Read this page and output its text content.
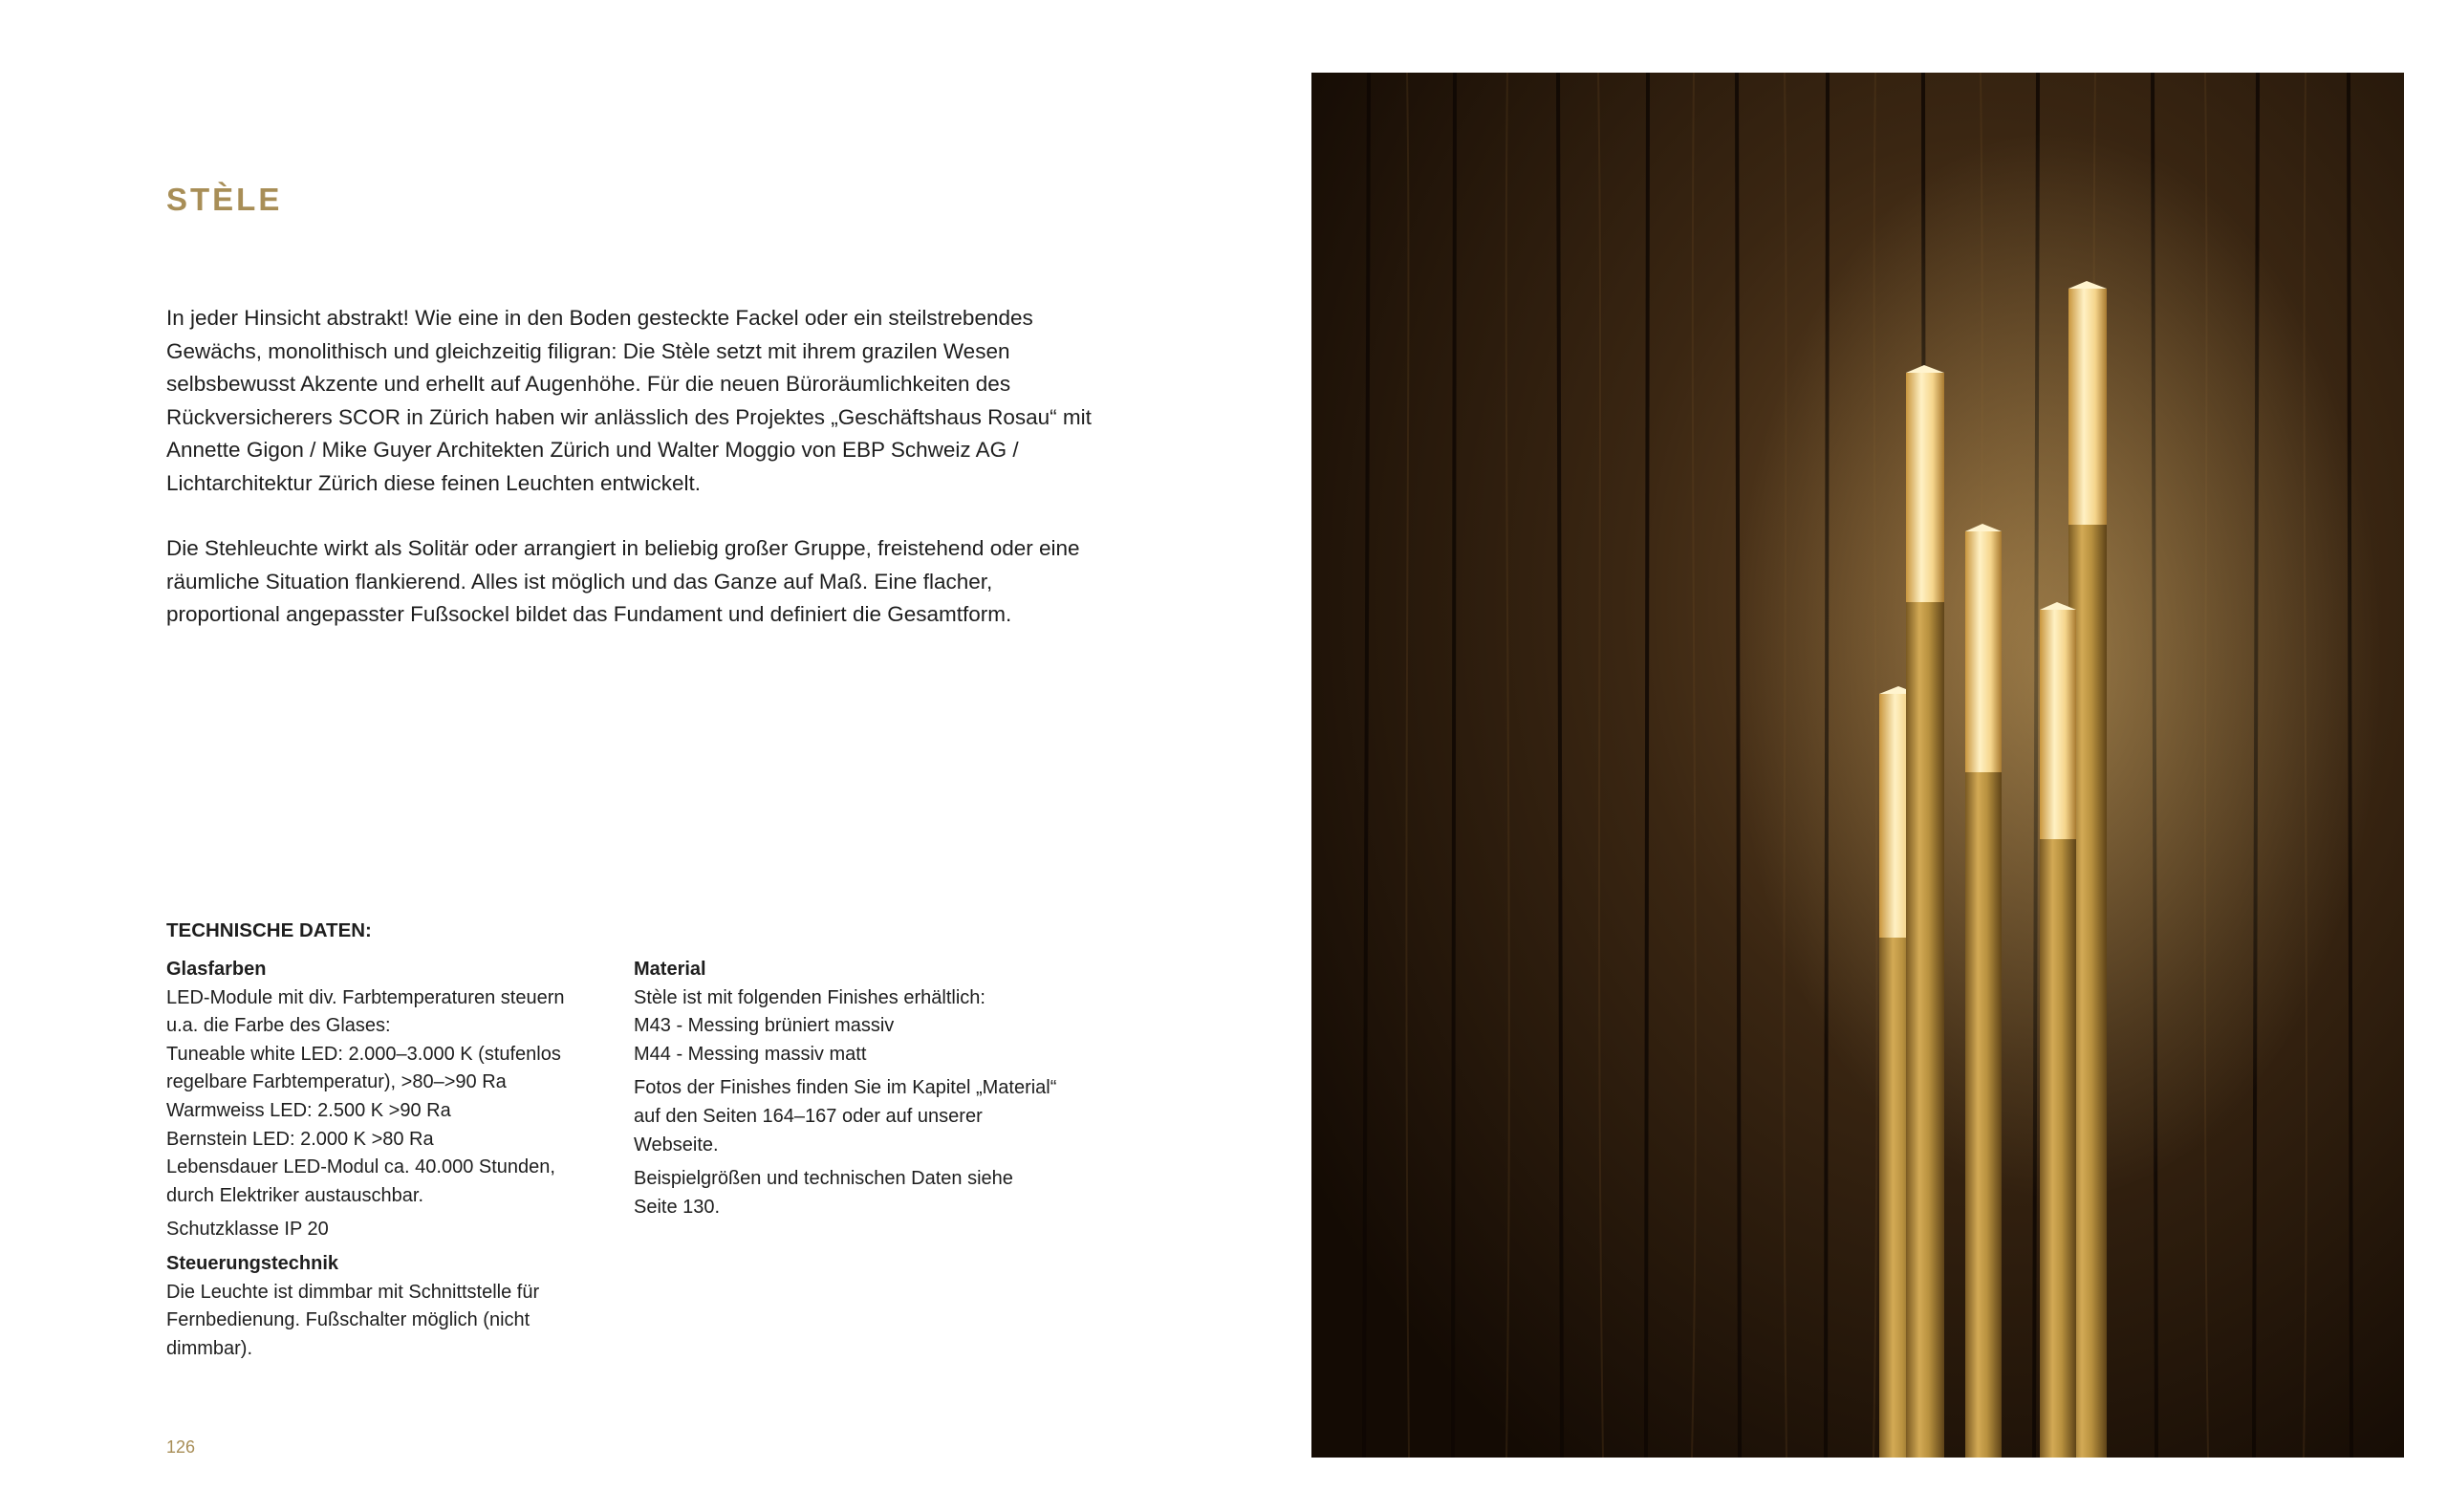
STÈLE

In jeder Hinsicht abstrakt! Wie eine in den Boden gesteckte Fackel oder ein steilstrebendes Gewächs, monolithisch und gleichzeitig filigran: Die Stèle setzt mit ihrem grazilen Wesen selbsbewusst Akzente und erhellt auf Augenhöhe. Für die neuen Büroräumlichkeiten des Rückversicherers SCOR in Zürich haben wir anlässlich des Projektes „Geschäftshaus Rosau“ mit Annette Gigon / Mike Guyer Architekten Zürich und Walter Moggio von EBP Schweiz AG / Lichtarchitektur Zürich diese feinen Leuchten entwickelt.

Die Stehleuchte wirkt als Solitär oder arrangiert in beliebig großer Gruppe, freistehend oder eine räumliche Situation flankierend. Alles ist möglich und das Ganze auf Maß. Eine flacher, proportional angepasster Fußsockel bildet das Fundament und definiert die Gesamtform.

TECHNISCHE DATEN:

Glasfarben

LED-Module mit div. Farbtemperaturen steuern
u.a. die Farbe des Glases:
Tuneable white LED: 2.000–3.000 K (stufenlos
regelbare Farbtemperatur), >80–>90 Ra
Warmweiss LED: 2.500 K >90 Ra
Bernstein LED: 2.000 K >80 Ra
Lebensdauer LED-Modul ca. 40.000 Stunden,
durch Elektriker austauschbar.

Schutzklasse IP 20

Steuerungstechnik

Die Leuchte ist dimmbar mit Schnittstelle für
Fernbedienung. Fußschalter möglich (nicht
dimmbar).

Material

Stèle ist mit folgenden Finishes erhältlich:
M43 - Messing brüniert massiv
M44 - Messing massiv matt

Fotos der Finishes finden Sie im Kapitel „Material“
auf den Seiten 164–167 oder auf unserer
Webseite.

Beispielgrößen und technischen Daten siehe
Seite 130.

126
